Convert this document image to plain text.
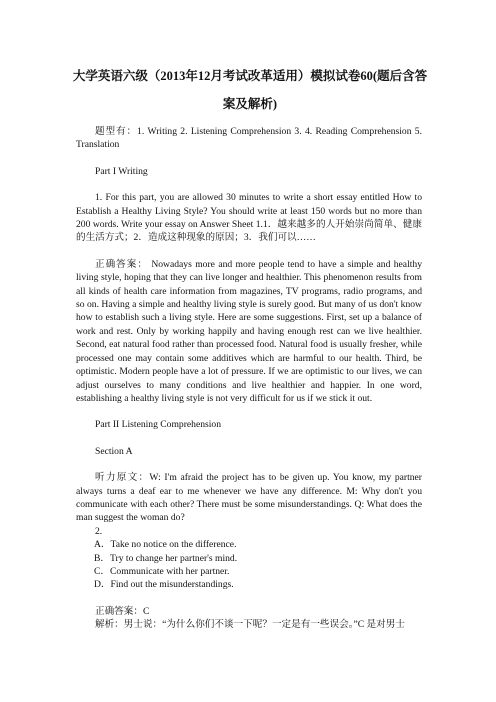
大学英语六级（2013年12月考试改革适用）模拟试卷60(题后含答
案及解析)

题型有：1. Writing 2. Listening Comprehension 3. 4. Reading Comprehension 5. Translation

Part I Writing

1. For this part, you are allowed 30 minutes to write a short essay entitled How to Establish a Healthy Living Style? You should write at least 150 words but no more than 200 words. Write your essay on Answer Sheet 1.1．越来越多的人开始崇尚简单、健康的生活方式；2．造成这种现象的原因；3．我们可以……

正确答案： Nowadays more and more people tend to have a simple and healthy living style, hoping that they can live longer and healthier. This phenomenon results from all kinds of health care information from magazines, TV programs, radio programs, and so on. Having a simple and healthy living style is surely good. But many of us don't know how to establish such a living style. Here are some suggestions. First, set up a balance of work and rest. Only by working happily and having enough rest can we live healthier. Second, eat natural food rather than processed food. Natural food is usually fresher, while processed one may contain some additives which are harmful to our health. Third, be optimistic. Modern people have a lot of pressure. If we are optimistic to our lives, we can adjust ourselves to many conditions and live healthier and happier. In one word, establishing a healthy living style is not very difficult for us if we stick it out.

Part II Listening Comprehension

Section A

听力原文：W: I'm afraid the project has to be given up. You know, my partner always turns a deaf ear to me whenever we have any difference. M: Why don't you communicate with each other? There must be some misunderstandings. Q: What does the man suggest the woman do?

2.

A．Take no notice on the difference.

B．Try to change her partner's mind.

C．Communicate with her partner.

D．Find out the misunderstandings.

正确答案：C

解析：男士说：“为什么你们不谈一下呢？一定是有一些误会。”C 是对男士
